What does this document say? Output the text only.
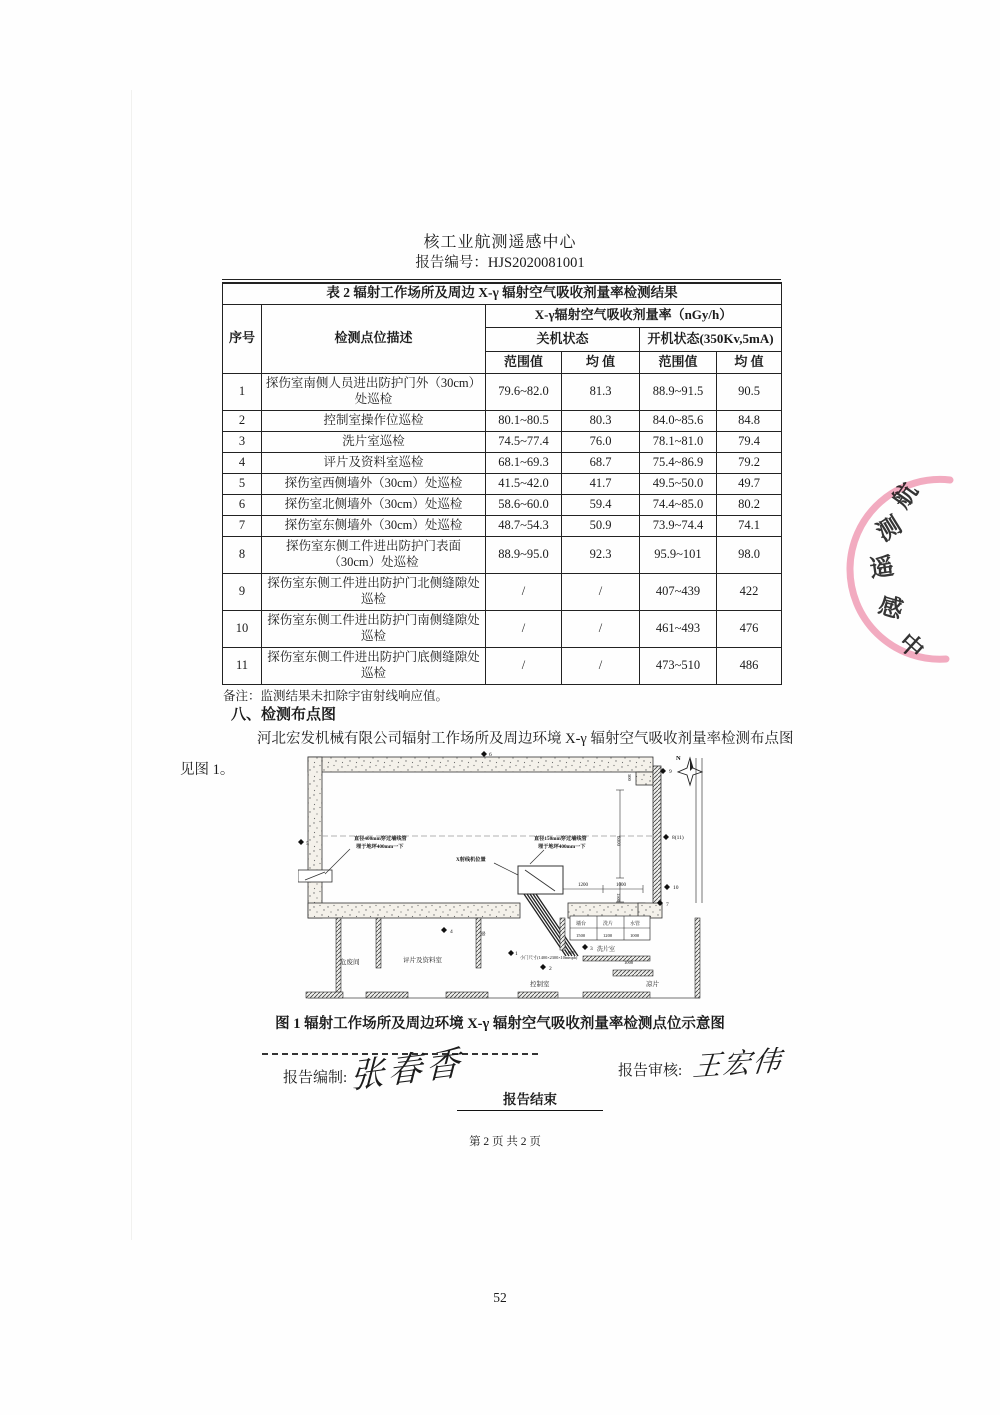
核工业航测遥感中心
报告编号：HJS2020081001
表 2 辐射工作场所及周边 X-γ 辐射空气吸收剂量率检测结果					
序号	检测点位描述	X-γ辐射空气吸收剂量率（nGy/h）			
		关机状态		开机状态(350Kv,5mA)	
		范围值	均 值	范围值	均 值
1	探伤室南侧人员进出防护门外（30cm）处巡检	79.6~82.0	81.3	88.9~91.5	90.5
2	控制室操作位巡检	80.1~80.5	80.3	84.0~85.6	84.8
3	洗片室巡检	74.5~77.4	76.0	78.1~81.0	79.4
4	评片及资料室巡检	68.1~69.3	68.7	75.4~86.9	79.2
5	探伤室西侧墙外（30cm）处巡检	41.5~42.0	41.7	49.5~50.0	49.7
6	探伤室北侧墙外（30cm）处巡检	58.6~60.0	59.4	74.4~85.0	80.2
7	探伤室东侧墙外（30cm）处巡检	48.7~54.3	50.9	73.9~74.4	74.1
8	探伤室东侧工件进出防护门表面（30cm）处巡检	88.9~95.0	92.3	95.9~101	98.0
9	探伤室东侧工件进出防护门北侧缝隙处巡检	/	/	407~439	422
10	探伤室东侧工件进出防护门南侧缝隙处巡检	/	/	461~493	476
11	探伤室东侧工件进出防护门底侧缝隙处巡检	/	/	473~510	486
备注：监测结果未扣除宇宙射线响应值。
八、检测布点图
河北宏发机械有限公司辐射工作场所及周边环境 X-γ 辐射空气吸收剂量率检测布点图
见图 1。
N
直径400mm穿过墙线管
埋于地坪400mm一下
直径150mm穿过墙线管
埋于地坪400mm一下
X射线机位置
1200	1000
500
6000
1500
墙台	洗片	水管
1500	1200	1000
1000
900
危废间	评片及资料室
控制室
洗片室
凉片
窗
小门尺寸(1400×2300×10mmpb)
6
9
8(11)
10
7
5
4
3
2
1
图 1 辐射工作场所及周边环境 X-γ 辐射空气吸收剂量率检测点位示意图
报告编制: 张春香	报告审核: 王宏伟
报告结束
第 2 页 共 2 页
52
航
测
遥
感
中
